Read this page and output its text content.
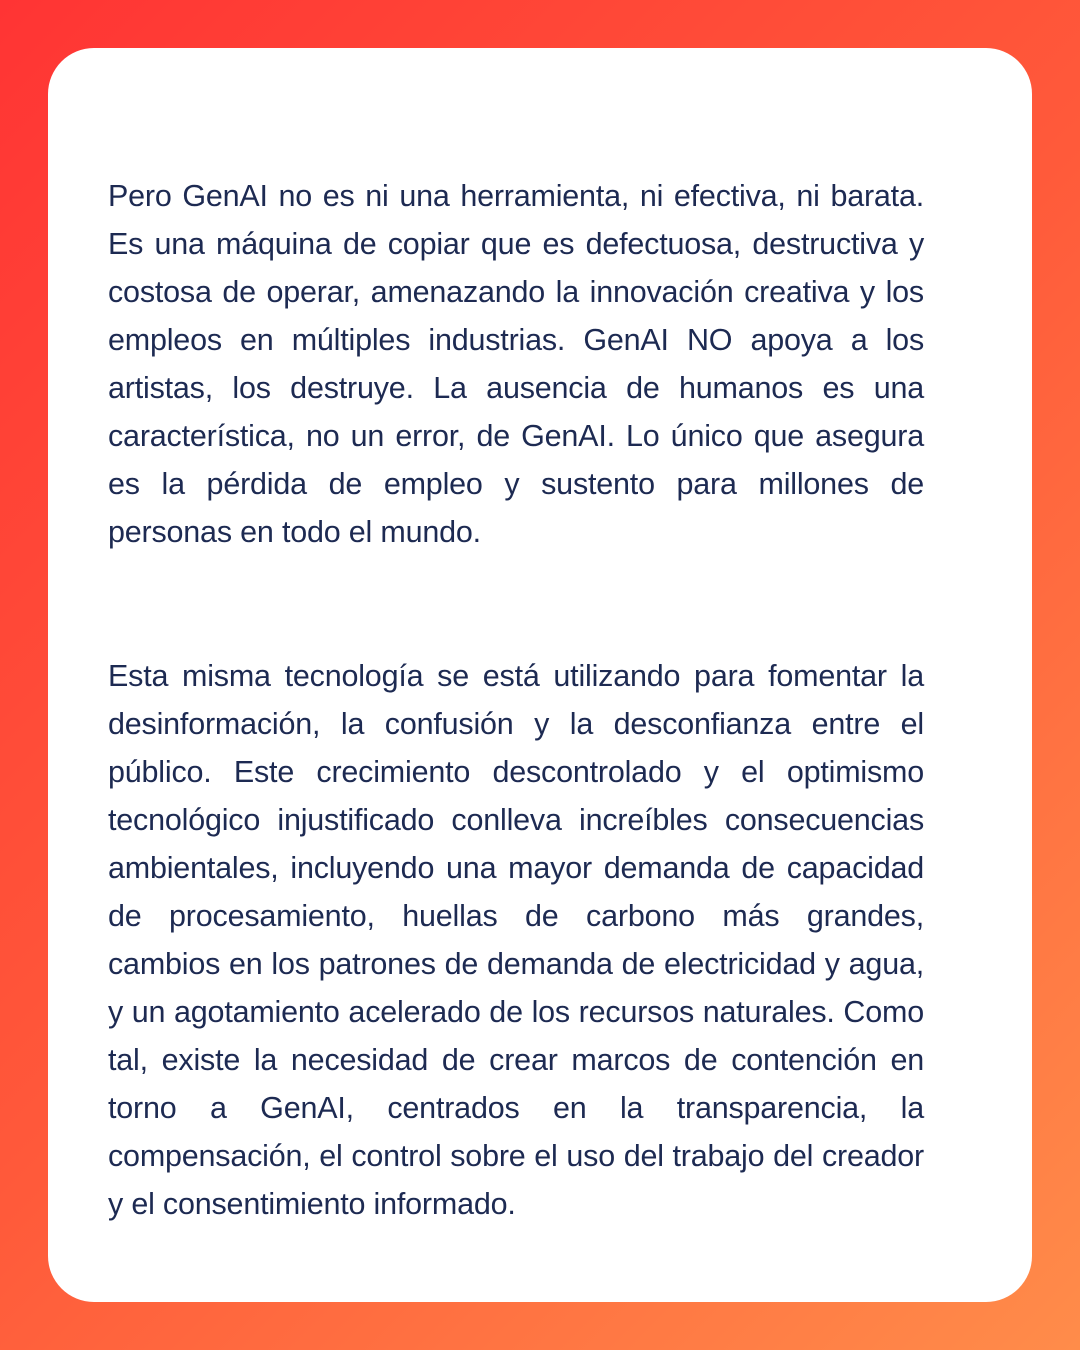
Pero GenAI no es ni una herramienta, ni efectiva, ni barata. Es una máquina de copiar que es defectuosa, destructiva y costosa de operar, amenazando la innovación creativa y los empleos en múltiples industrias. GenAI NO apoya a los artistas, los destruye. La ausencia de humanos es una característica, no un error, de GenAI. Lo único que asegura es la pérdida de empleo y sustento para millones de personas en todo el mundo.

Esta misma tecnología se está utilizando para fomentar la desinformación, la confusión y la desconfianza entre el público. Este crecimiento descontrolado y el optimismo tecnológico injustificado conlleva increíbles consecuencias ambientales, incluyendo una mayor demanda de capacidad de procesamiento, huellas de carbono más grandes, cambios en los patrones de demanda de electricidad y agua, y un agotamiento acelerado de los recursos naturales. Como tal, existe la necesidad de crear marcos de contención en torno a GenAI, centrados en la transparencia, la compensación, el control sobre el uso del trabajo del creador y el consentimiento informado.
